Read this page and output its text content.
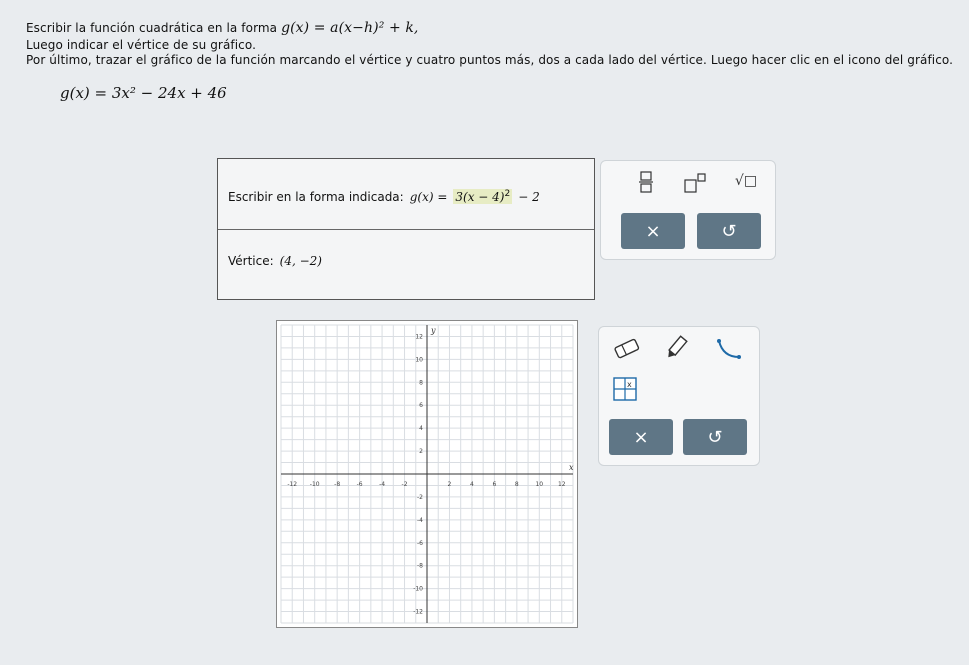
Escribir la función cuadrática en la forma g(x) = a(x−h)² + k,
Luego indicar el vértice de su gráfico.
Por último, trazar el gráfico de la función marcando el vértice y cuatro puntos más, dos a cada lado del vértice. Luego hacer clic en el icono del gráfico.
g(x) = 3x² − 24x + 46
Escribir en la forma indicada: $g(x) = 3(x - 4)^2 - 2$
Vértice: (4, −2)
√□
×	↺
-12 -10 -8	-6	-4	-2	2	4	6	8	10 12
12
10
8
6
4
2
-2
-4
-6
-8
-10
-12
x
y
x
×	↺
